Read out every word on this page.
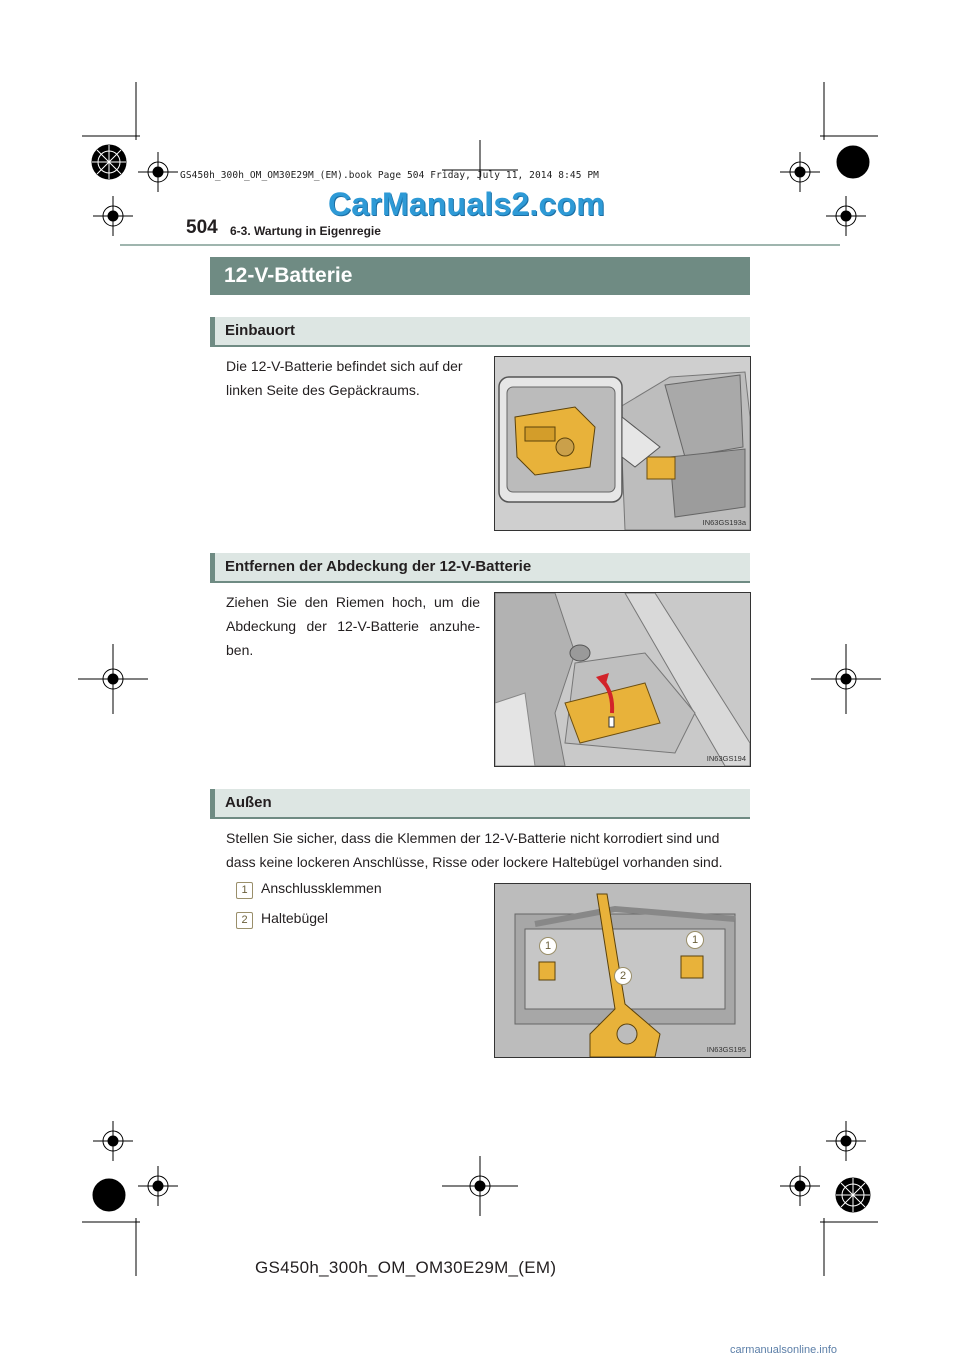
GS450h_300h_OM_OM30E29M_(EM).book Page 504 Friday, July 11, 2014 8:45 PM
CarManuals2.com
504 6-3. Wartung in Eigenregie
12-V-Batterie
Einbauort
Die 12-V-Batterie befindet sich auf der linken Seite des Gepäckraums.
IN63GS193a
Entfernen der Abdeckung der 12-V-Batterie
Ziehen Sie den Riemen hoch, um die Abdeckung der 12-V-Batterie anzuhe-ben.
IN63GS194
Außen
Stellen Sie sicher, dass die Klemmen der 12-V-Batterie nicht korrodiert sind und dass keine lockeren Anschlüsse, Risse oder lockere Haltebügel vorhanden sind.
1 Anschlussklemmen
2 Haltebügel
1	1
2
IN63GS195
GS450h_300h_OM_OM30E29M_(EM)
carmanualsonline.info
